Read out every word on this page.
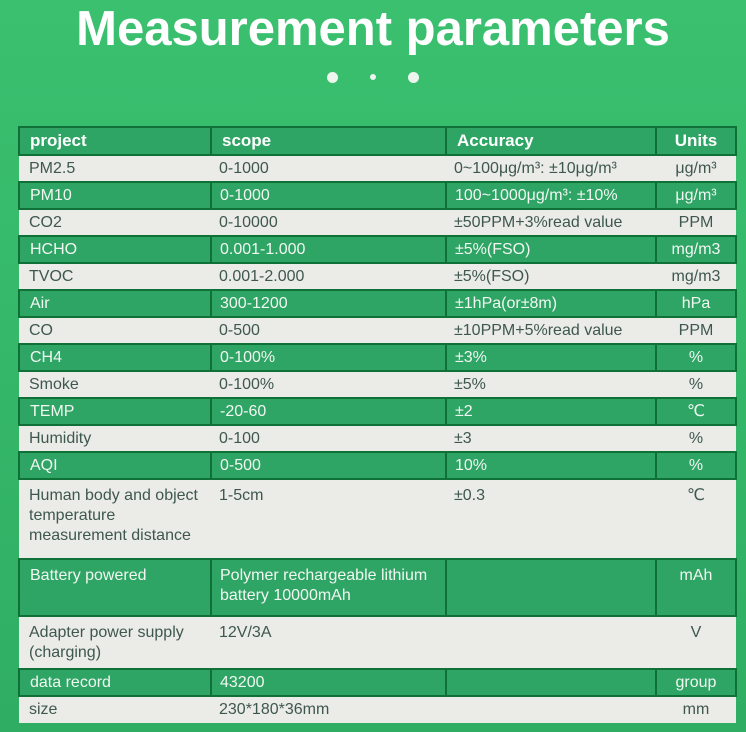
Measurement parameters
project	scope	Accuracy	Units
PM2.5	0-1000	0~100μg/m³: ±10μg/m³	μg/m³
PM10	0-1000	100~1000μg/m³: ±10%	μg/m³
CO2	0-10000	±50PPM+3%read value	PPM
HCHO	0.001-1.000	±5%(FSO)	mg/m3
TVOC	0.001-2.000	±5%(FSO)	mg/m3
Air	300-1200	±1hPa(or±8m)	hPa
CO	0-500	±10PPM+5%read value	PPM
CH4	0-100%	±3%	%
Smoke	0-100%	±5%	%
TEMP	-20-60	±2	℃
Humidity	0-100	±3	%
AQI	0-500	10%	%
Human body and object temperature measurement distance	1-5cm	±0.3	℃
Battery powered	Polymer rechargeable lithium battery 10000mAh		mAh
Adapter power supply (charging)	12V/3A		V
data record	43200		group
size	230*180*36mm		mm
